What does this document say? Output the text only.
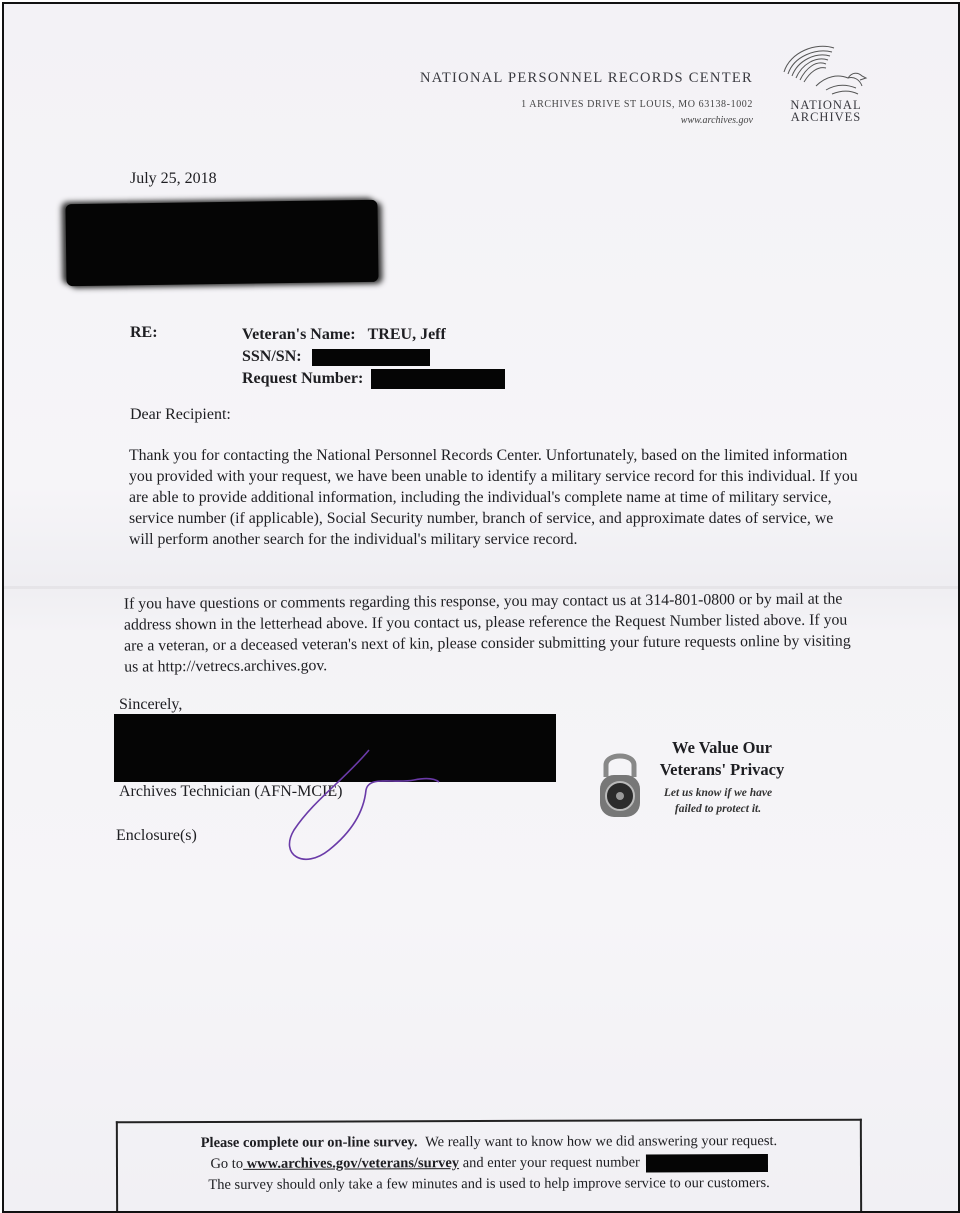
NATIONAL PERSONNEL RECORDS CENTER
1 ARCHIVES DRIVE ST LOUIS, MO 63138-1002
www.archives.gov
NATIONAL
ARCHIVES
July 25, 2018
RE:	Veteran's Name: TREU, Jeff
SSN/SN:
Request Number:
Dear Recipient:
Thank you for contacting the National Personnel Records Center. Unfortunately, based on the limited information you provided with your request, we have been unable to identify a military service record for this individual. If you are able to provide additional information, including the individual's complete name at time of military service, service number (if applicable), Social Security number, branch of service, and approximate dates of service, we will perform another search for the individual's military service record.
If you have questions or comments regarding this response, you may contact us at 314-801-0800 or by mail at the address shown in the letterhead above. If you contact us, please reference the Request Number listed above. If you are a veteran, or a deceased veteran's next of kin, please consider submitting your future requests online by visiting us at http://vetrecs.archives.gov.
Sincerely,
Archives Technician (AFN-MCIE)
Enclosure(s)
We Value Our
Veterans' Privacy
Let us know if we have
failed to protect it.
Please complete our on-line survey. We really want to know how we did answering your request.
Go to www.archives.gov/veterans/survey and enter your request number
The survey should only take a few minutes and is used to help improve service to our customers.
